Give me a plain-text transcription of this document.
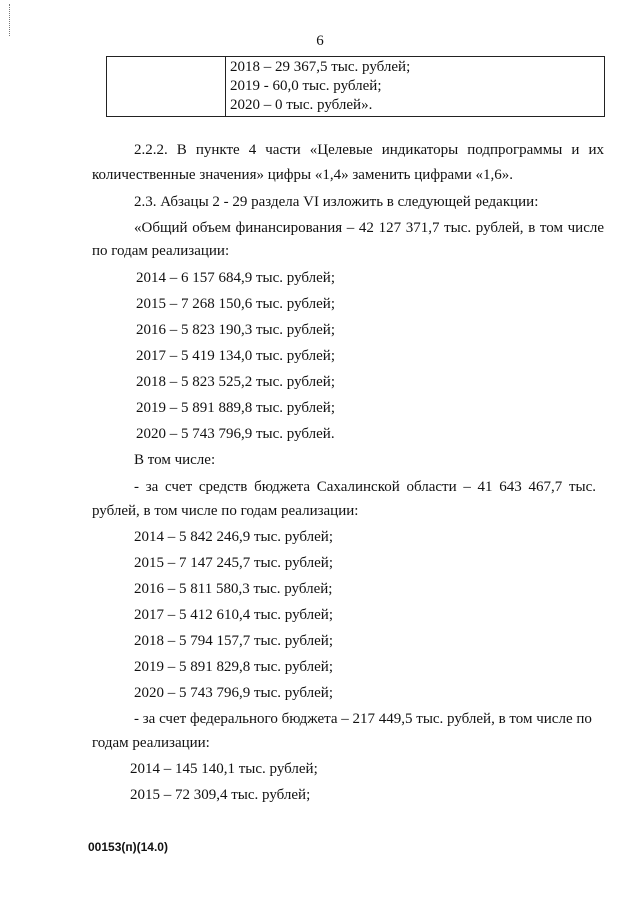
6

2018 – 29 367,5 тыс. рублей;
2019 - 60,0 тыс. рублей;
2020 – 0 тыс. рублей».
2.2.2. В пункте 4 части «Целевые индикаторы подпрограммы и их
количественные значения» цифры «1,4» заменить цифрами «1,6».
2.3. Абзацы 2 - 29 раздела VI изложить в следующей редакции:
«Общий объем финансирования – 42 127 371,7 тыс. рублей, в том числе
по годам реализации:
2014 – 6 157 684,9 тыс. рублей;
2015 – 7 268 150,6 тыс. рублей;
2016 – 5 823 190,3 тыс. рублей;
2017 – 5 419 134,0 тыс. рублей;
2018 – 5 823 525,2 тыс. рублей;
2019 – 5 891 889,8 тыс. рублей;
2020 – 5 743 796,9 тыс. рублей.
В том числе:
- за счет средств бюджета Сахалинской области – 41 643 467,7 тыс.
рублей, в том числе по годам реализации:
2014 – 5 842 246,9 тыс. рублей;
2015 – 7 147 245,7 тыс. рублей;
2016 – 5 811 580,3 тыс. рублей;
2017 – 5 412 610,4 тыс. рублей;
2018 – 5 794 157,7 тыс. рублей;
2019 – 5 891 829,8 тыс. рублей;
2020 – 5 743 796,9 тыс. рублей;
- за счет федерального бюджета – 217 449,5 тыс. рублей, в том числе по
годам реализации:
2014 – 145 140,1 тыс. рублей;
2015 – 72 309,4 тыс. рублей;
00153(п)(14.0)
